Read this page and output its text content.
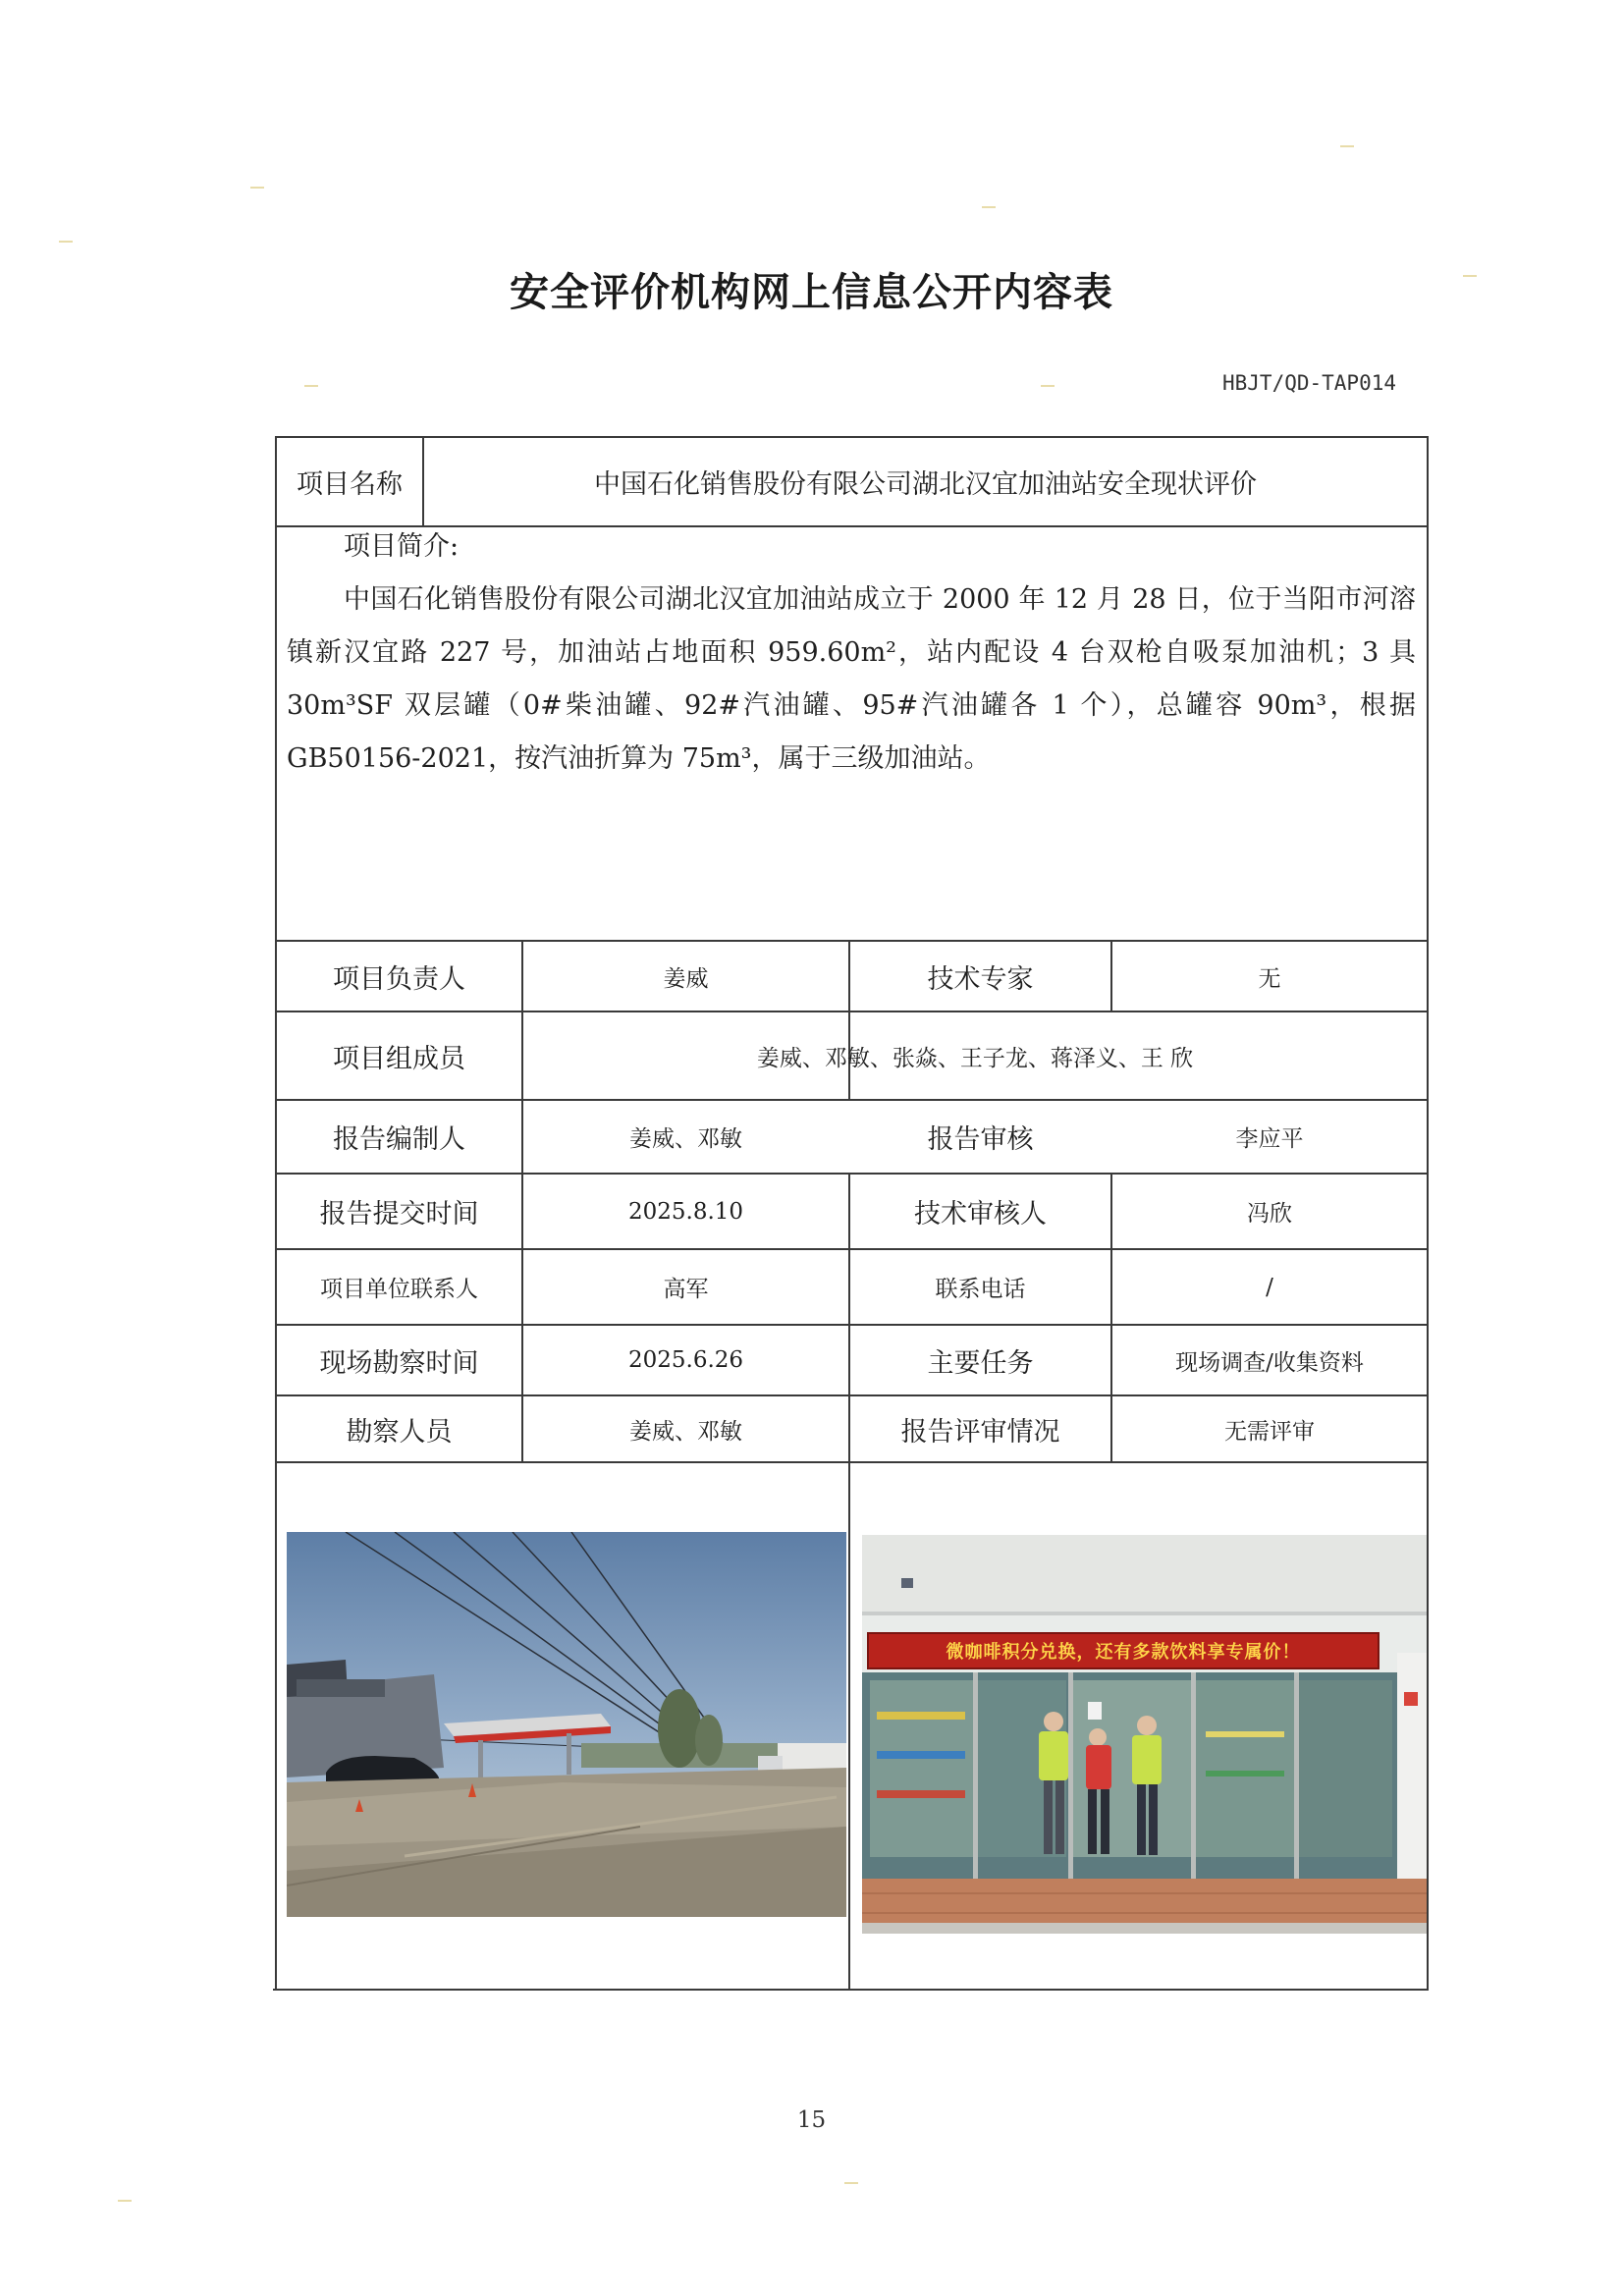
安全评价机构网上信息公开内容表
HBJT/QD-TAP014
项目名称	中国石化销售股份有限公司湖北汉宜加油站安全现状评价
项目简介:
中国石化销售股份有限公司湖北汉宜加油站成立于 2000 年 12 月 28 日，位于当阳市河溶镇新汉宜路 227 号，加油站占地面积 959.60m²，站内配设 4 台双枪自吸泵加油机；3 具 30m³SF 双层罐（0#柴油罐、92#汽油罐、95#汽油罐各 1 个），总罐容 90m³，根据 GB50156-2021，按汽油折算为 75m³，属于三级加油站。
项目负责人	姜威	技术专家	无
项目组成员	姜威、邓敏、张焱、王子龙、蒋泽义、王 欣
报告编制人	姜威、邓敏	报告审核	李应平
报告提交时间	2025.8.10	技术审核人	冯欣
项目单位联系人	高军	联系电话	/
现场勘察时间	2025.6.26	主要任务	现场调查/收集资料
勘察人员	姜威、邓敏	报告评审情况	无需评审
微咖啡积分兑换，还有多款饮料享专属价！
15
